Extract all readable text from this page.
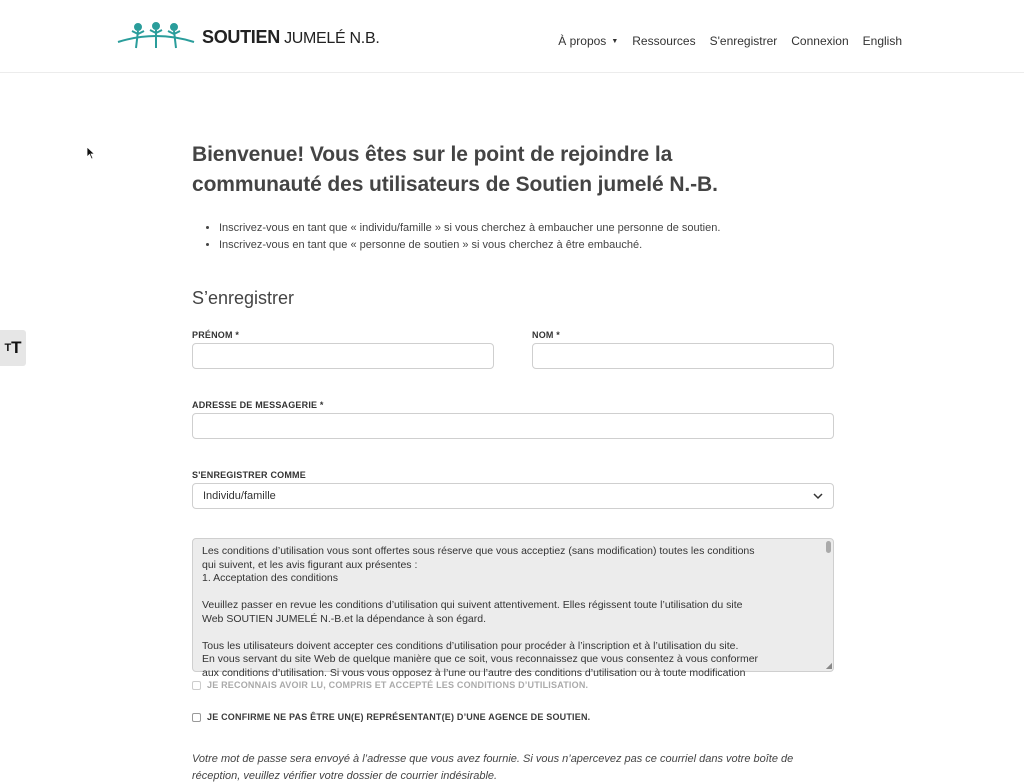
SOUTIEN JUMELÉ N.B.	À propos ▼ Ressources S'enregistrer Connexion English
T T
Bienvenue! Vous êtes sur le point de rejoindre la
communauté des utilisateurs de Soutien jumelé N.-B.
• Inscrivez-vous en tant que « individu/famille » si vous cherchez à embaucher une personne de soutien.
• Inscrivez-vous en tant que « personne de soutien » si vous cherchez à être embauché.
S’enregistrer
PRÉNOM *	NOM *
ADRESSE DE MESSAGERIE *
S'ENREGISTRER COMME
Individu/famille

Les conditions d’utilisation vous sont offertes sous réserve que vous acceptiez (sans modification) toutes les conditions

qui suivent, et les avis figurant aux présentes :

1. Acceptation des conditions

Veuillez passer en revue les conditions d’utilisation qui suivent attentivement. Elles régissent toute l’utilisation du site

Web SOUTIEN JUMELÉ N.-B.et la dépendance à son égard.

Tous les utilisateurs doivent accepter ces conditions d’utilisation pour procéder à l’inscription et à l’utilisation du site.

En vous servant du site Web de quelque manière que ce soit, vous reconnaissez que vous consentez à vous conformer

aux conditions d’utilisation. Si vous vous opposez à l’une ou l’autre des conditions d’utilisation ou à toute modification

◢
JE RECONNAIS AVOIR LU, COMPRIS ET ACCEPTÉ LES CONDITIONS D’UTILISATION.
JE CONFIRME NE PAS ÊTRE UN(E) REPRÉSENTANT(E) D’UNE AGENCE DE SOUTIEN.

Votre mot de passe sera envoyé à l’adresse que vous avez fournie. Si vous n’apercevez pas ce courriel dans votre boîte de réception, veuillez vérifier votre dossier de courrier indésirable.
